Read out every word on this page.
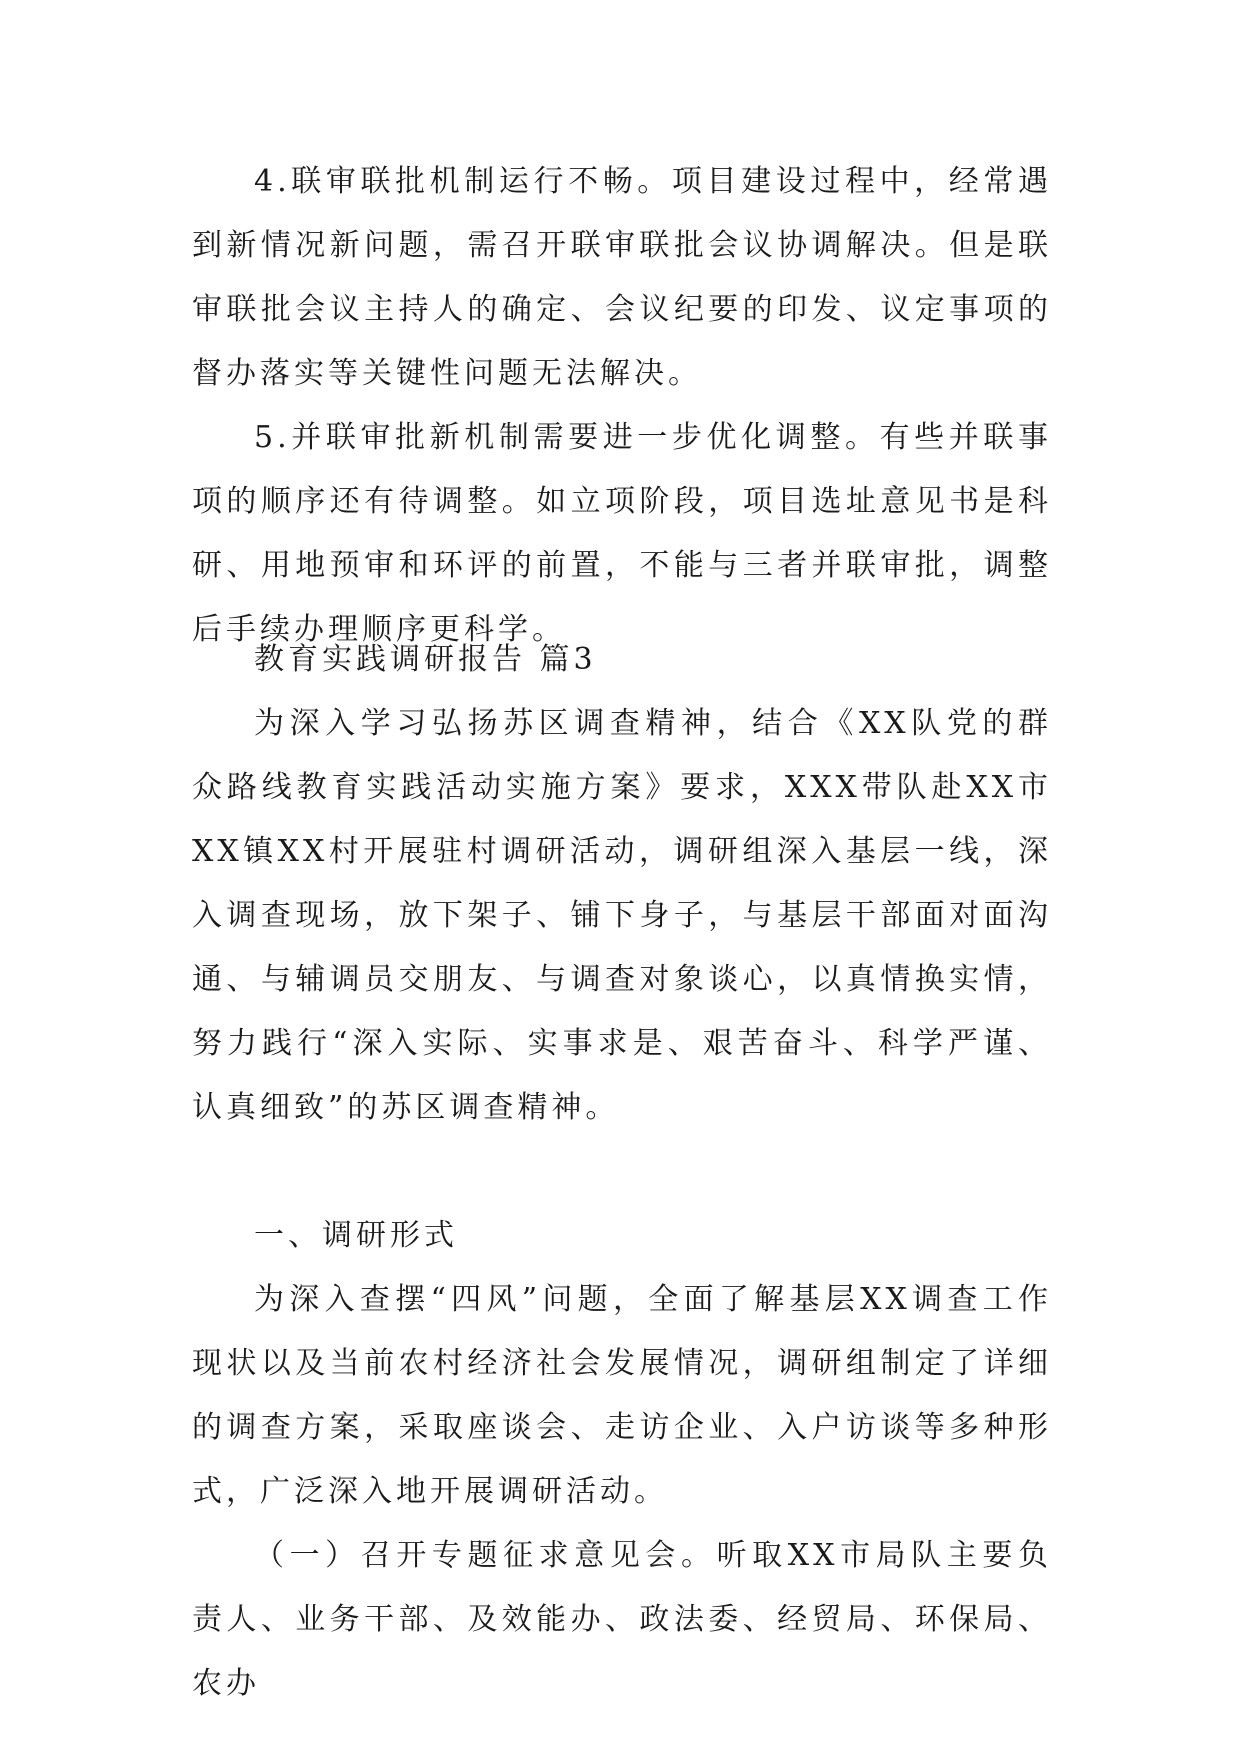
4.联审联批机制运行不畅。项目建设过程中，经常遇到新情况新问题，需召开联审联批会议协调解决。但是联审联批会议主持人的确定、会议纪要的印发、议定事项的督办落实等关键性问题无法解决。

5.并联审批新机制需要进一步优化调整。有些并联事项的顺序还有待调整。如立项阶段，项目选址意见书是科研、用地预审和环评的前置，不能与三者并联审批，调整后手续办理顺序更科学。

教育实践调研报告 篇3

为深入学习弘扬苏区调查精神，结合《XX队党的群众路线教育实践活动实施方案》要求，XXX带队赴XX市XX镇XX村开展驻村调研活动，调研组深入基层一线，深入调查现场，放下架子、铺下身子，与基层干部面对面沟通、与辅调员交朋友、与调查对象谈心，以真情换实情，努力践行“深入实际、实事求是、艰苦奋斗、科学严谨、认真细致”的苏区调查精神。

一、调研形式

为深入查摆“四风”问题，全面了解基层XX调查工作现状以及当前农村经济社会发展情况，调研组制定了详细的调查方案，采取座谈会、走访企业、入户访谈等多种形式，广泛深入地开展调研活动。

（一）召开专题征求意见会。听取XX市局队主要负责人、业务干部、及效能办、政法委、经贸局、环保局、农办
